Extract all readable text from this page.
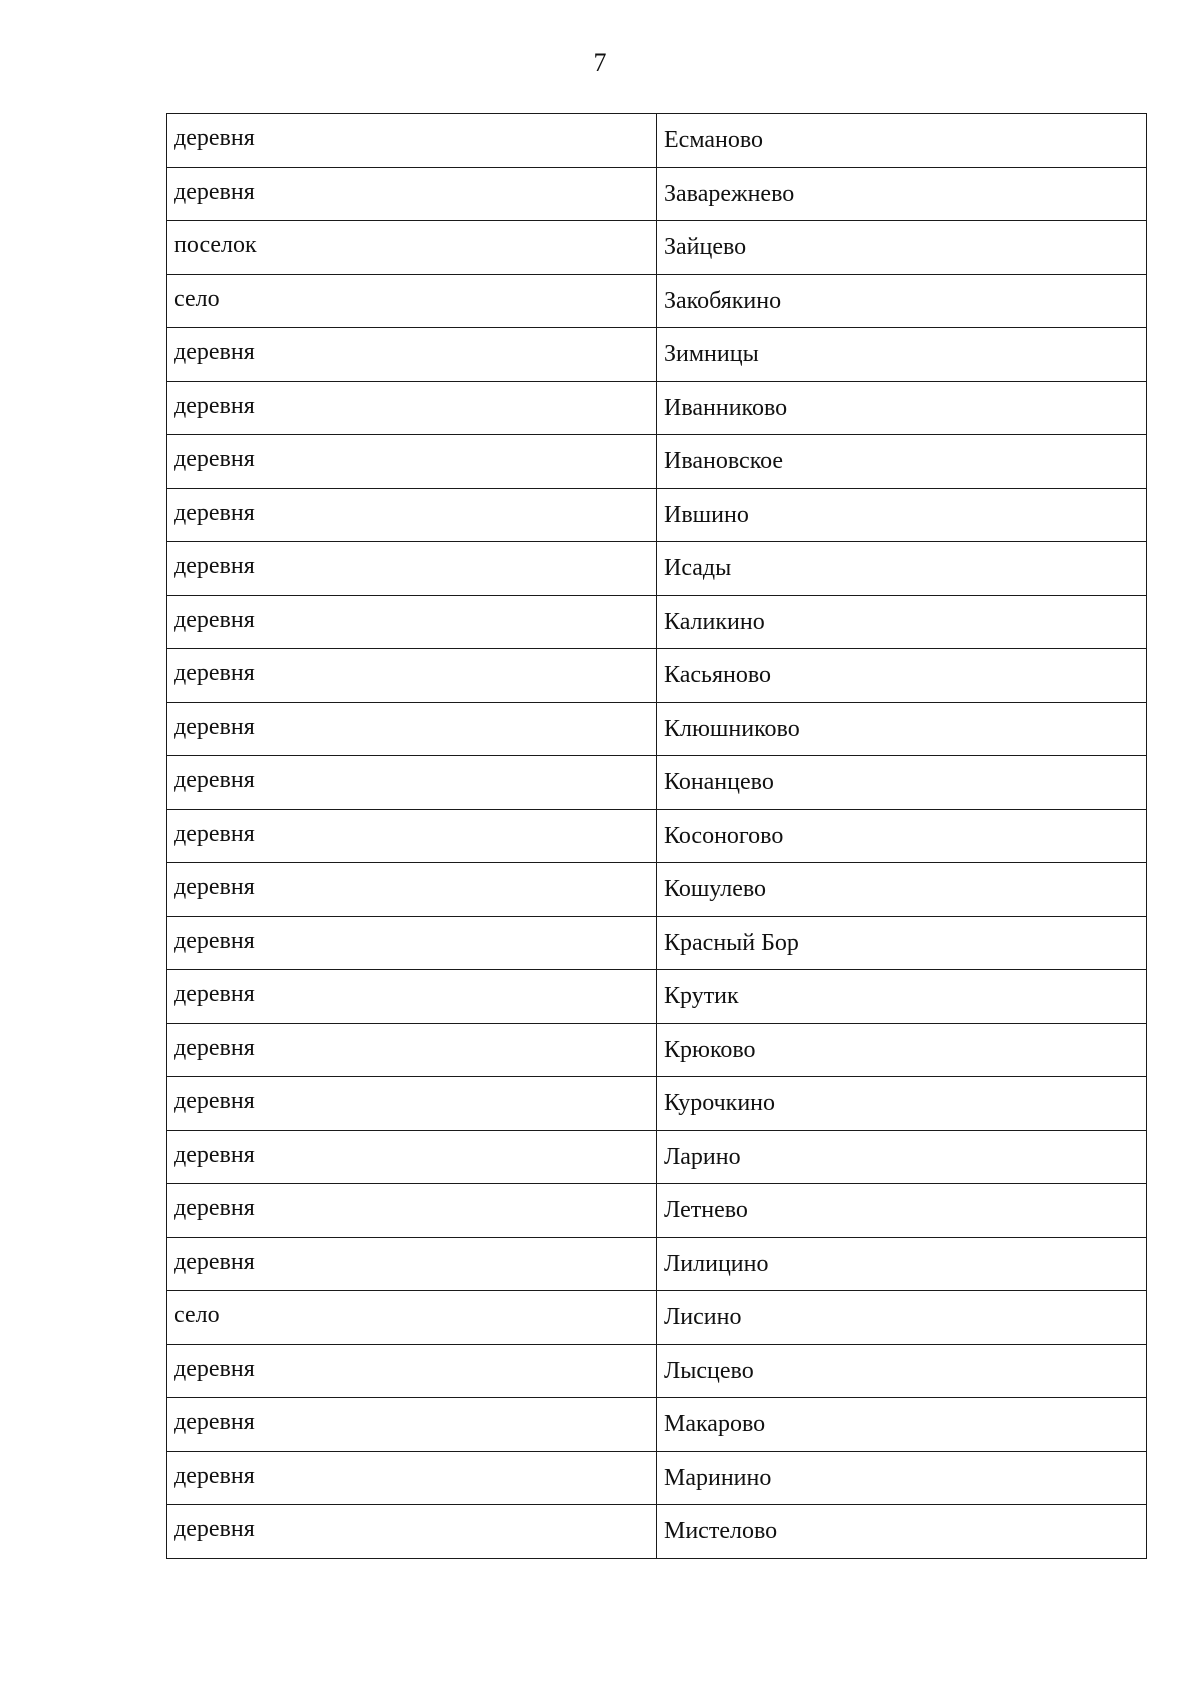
7
деревня	Есманово
деревня	Заварежнево
поселок	Зайцево
село	Закобякино
деревня	Зимницы
деревня	Иванниково
деревня	Ивановское
деревня	Ившино
деревня	Исады
деревня	Каликино
деревня	Касьяново
деревня	Клюшниково
деревня	Конанцево
деревня	Косоногово
деревня	Кошулево
деревня	Красный Бор
деревня	Крутик
деревня	Крюково
деревня	Курочкино
деревня	Ларино
деревня	Летнево
деревня	Лилицино
село	Лисино
деревня	Лысцево
деревня	Макарово
деревня	Маринино
деревня	Мистелово
